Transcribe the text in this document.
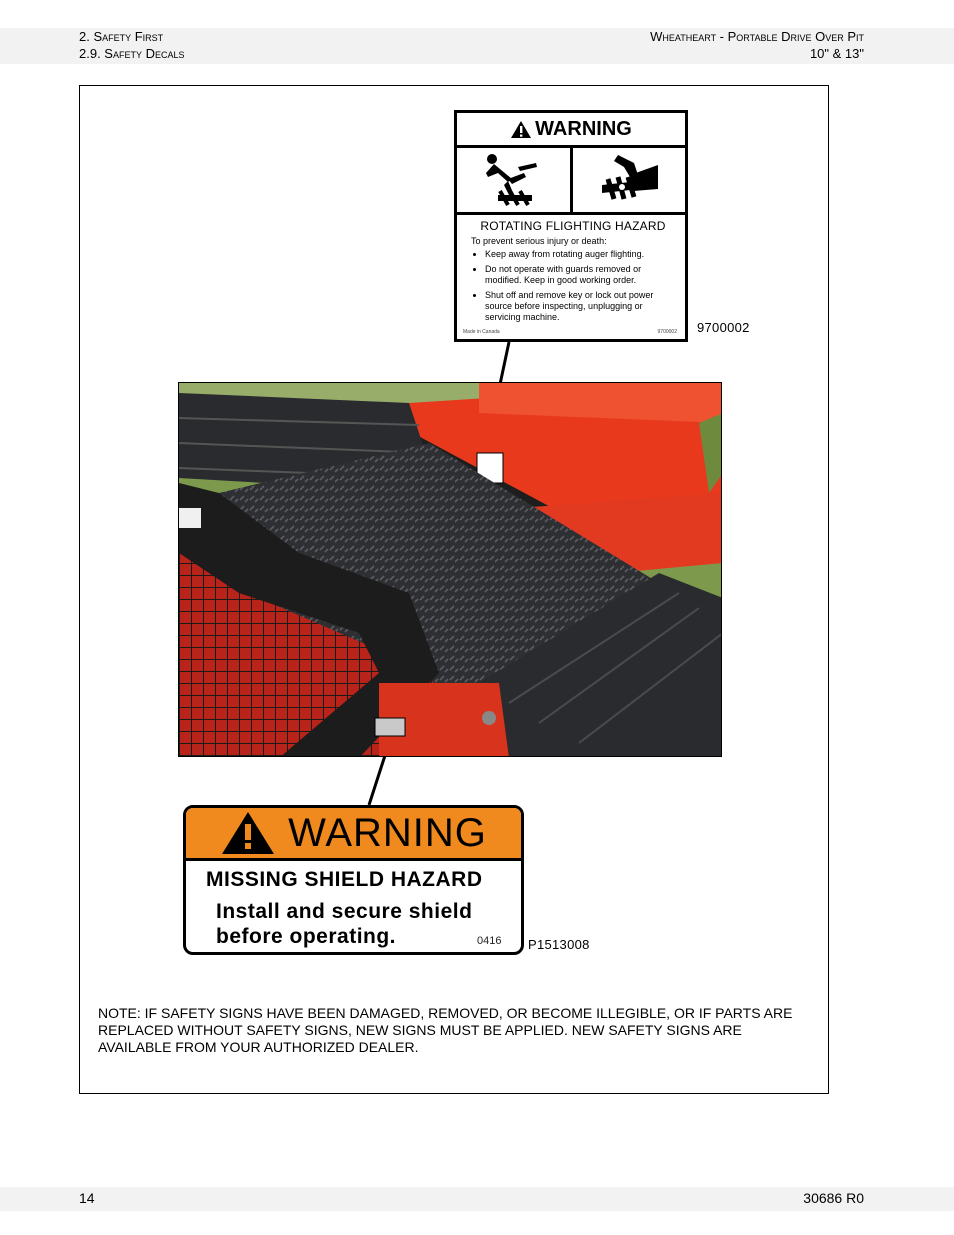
2. Safety First
2.9. Safety Decals
Wheatheart - Portable Drive Over Pit
10" & 13"
WARNING
ROTATING FLIGHTING HAZARD
To prevent serious injury or death:
• Keep away from rotating auger flighting.
• Do not operate with guards removed or modified. Keep in good working order.
• Shut off and remove key or lock out power source before inspecting, unplugging or servicing machine.
Made in Canada	9700002 9700002
WARNING
MISSING SHIELD HAZARD
Install and secure shield
before operating.	0416 P1513008
NOTE: IF SAFETY SIGNS HAVE BEEN DAMAGED, REMOVED, OR BECOME ILLEGIBLE, OR IF PARTS ARE REPLACED WITHOUT SAFETY SIGNS, NEW SIGNS MUST BE APPLIED. NEW SAFETY SIGNS ARE AVAILABLE FROM YOUR AUTHORIZED DEALER.
14	30686 R0
